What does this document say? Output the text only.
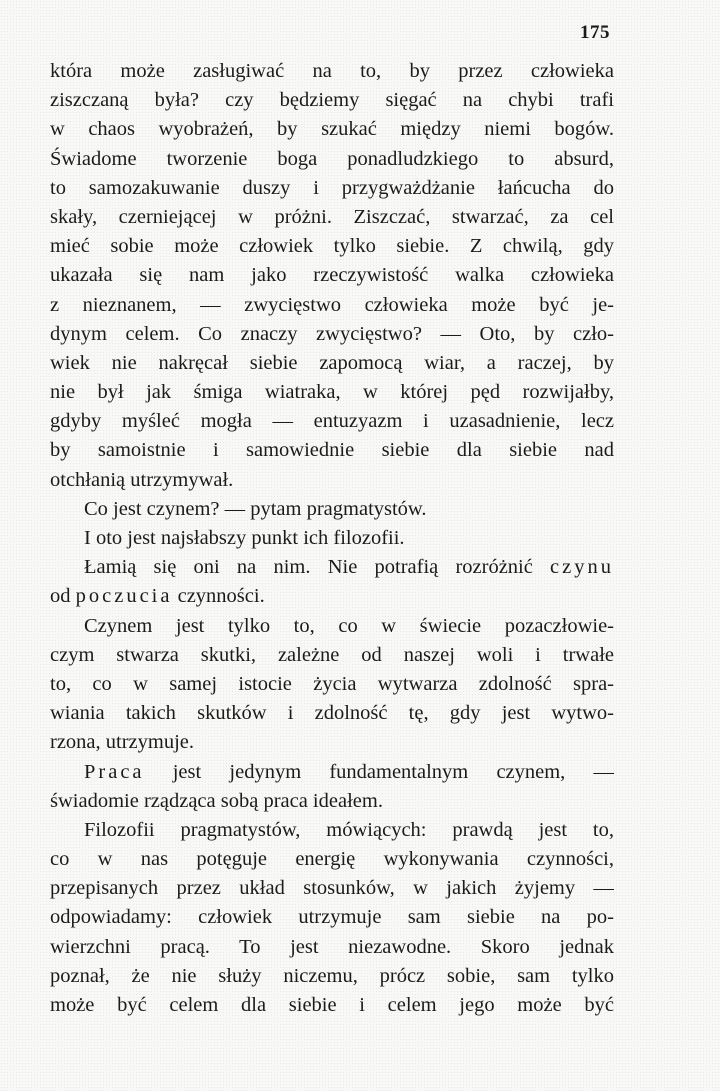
175
która może zasługiwać na to, by przez człowieka
ziszczaną była? czy będziemy sięgać na chybi trafi
w chaos wyobrażeń, by szukać między niemi bogów.
Świadome tworzenie boga ponadludzkiego to absurd,
to samozakuwanie duszy i przygważdżanie łańcucha do
skały, czerniejącej w próżni. Ziszczać, stwarzać, za cel
mieć sobie może człowiek tylko siebie. Z chwilą, gdy
ukazała się nam jako rzeczywistość walka człowieka
z nieznanem, — zwycięstwo człowieka może być je-
dynym celem. Co znaczy zwycięstwo? — Oto, by czło-
wiek nie nakręcał siebie zapomocą wiar, a raczej, by
nie był jak śmiga wiatraka, w której pęd rozwijałby,
gdyby myśleć mogła — entuzyazm i uzasadnienie, lecz
by samoistnie i samowiednie siebie dla siebie nad
otchłanią utrzymywał.
Co jest czynem? — pytam pragmatystów.
I oto jest najsłabszy punkt ich filozofii.
Łamią się oni na nim. Nie potrafią rozróżnić czynu
od poczucia czynności.
Czynem jest tylko to, co w świecie pozaczłowie-
czym stwarza skutki, zależne od naszej woli i trwałe
to, co w samej istocie życia wytwarza zdolność spra-
wiania takich skutków i zdolność tę, gdy jest wytwo-
rzona, utrzymuje.
Praca jest jedynym fundamentalnym czynem, —
świadomie rządząca sobą praca ideałem.
Filozofii pragmatystów, mówiących: prawdą jest to,
co w nas potęguje energię wykonywania czynności,
przepisanych przez układ stosunków, w jakich żyjemy —
odpowiadamy: człowiek utrzymuje sam siebie na po-
wierzchni pracą. To jest niezawodne. Skoro jednak
poznał, że nie służy niczemu, prócz sobie, sam tylko
może być celem dla siebie i celem jego może być
